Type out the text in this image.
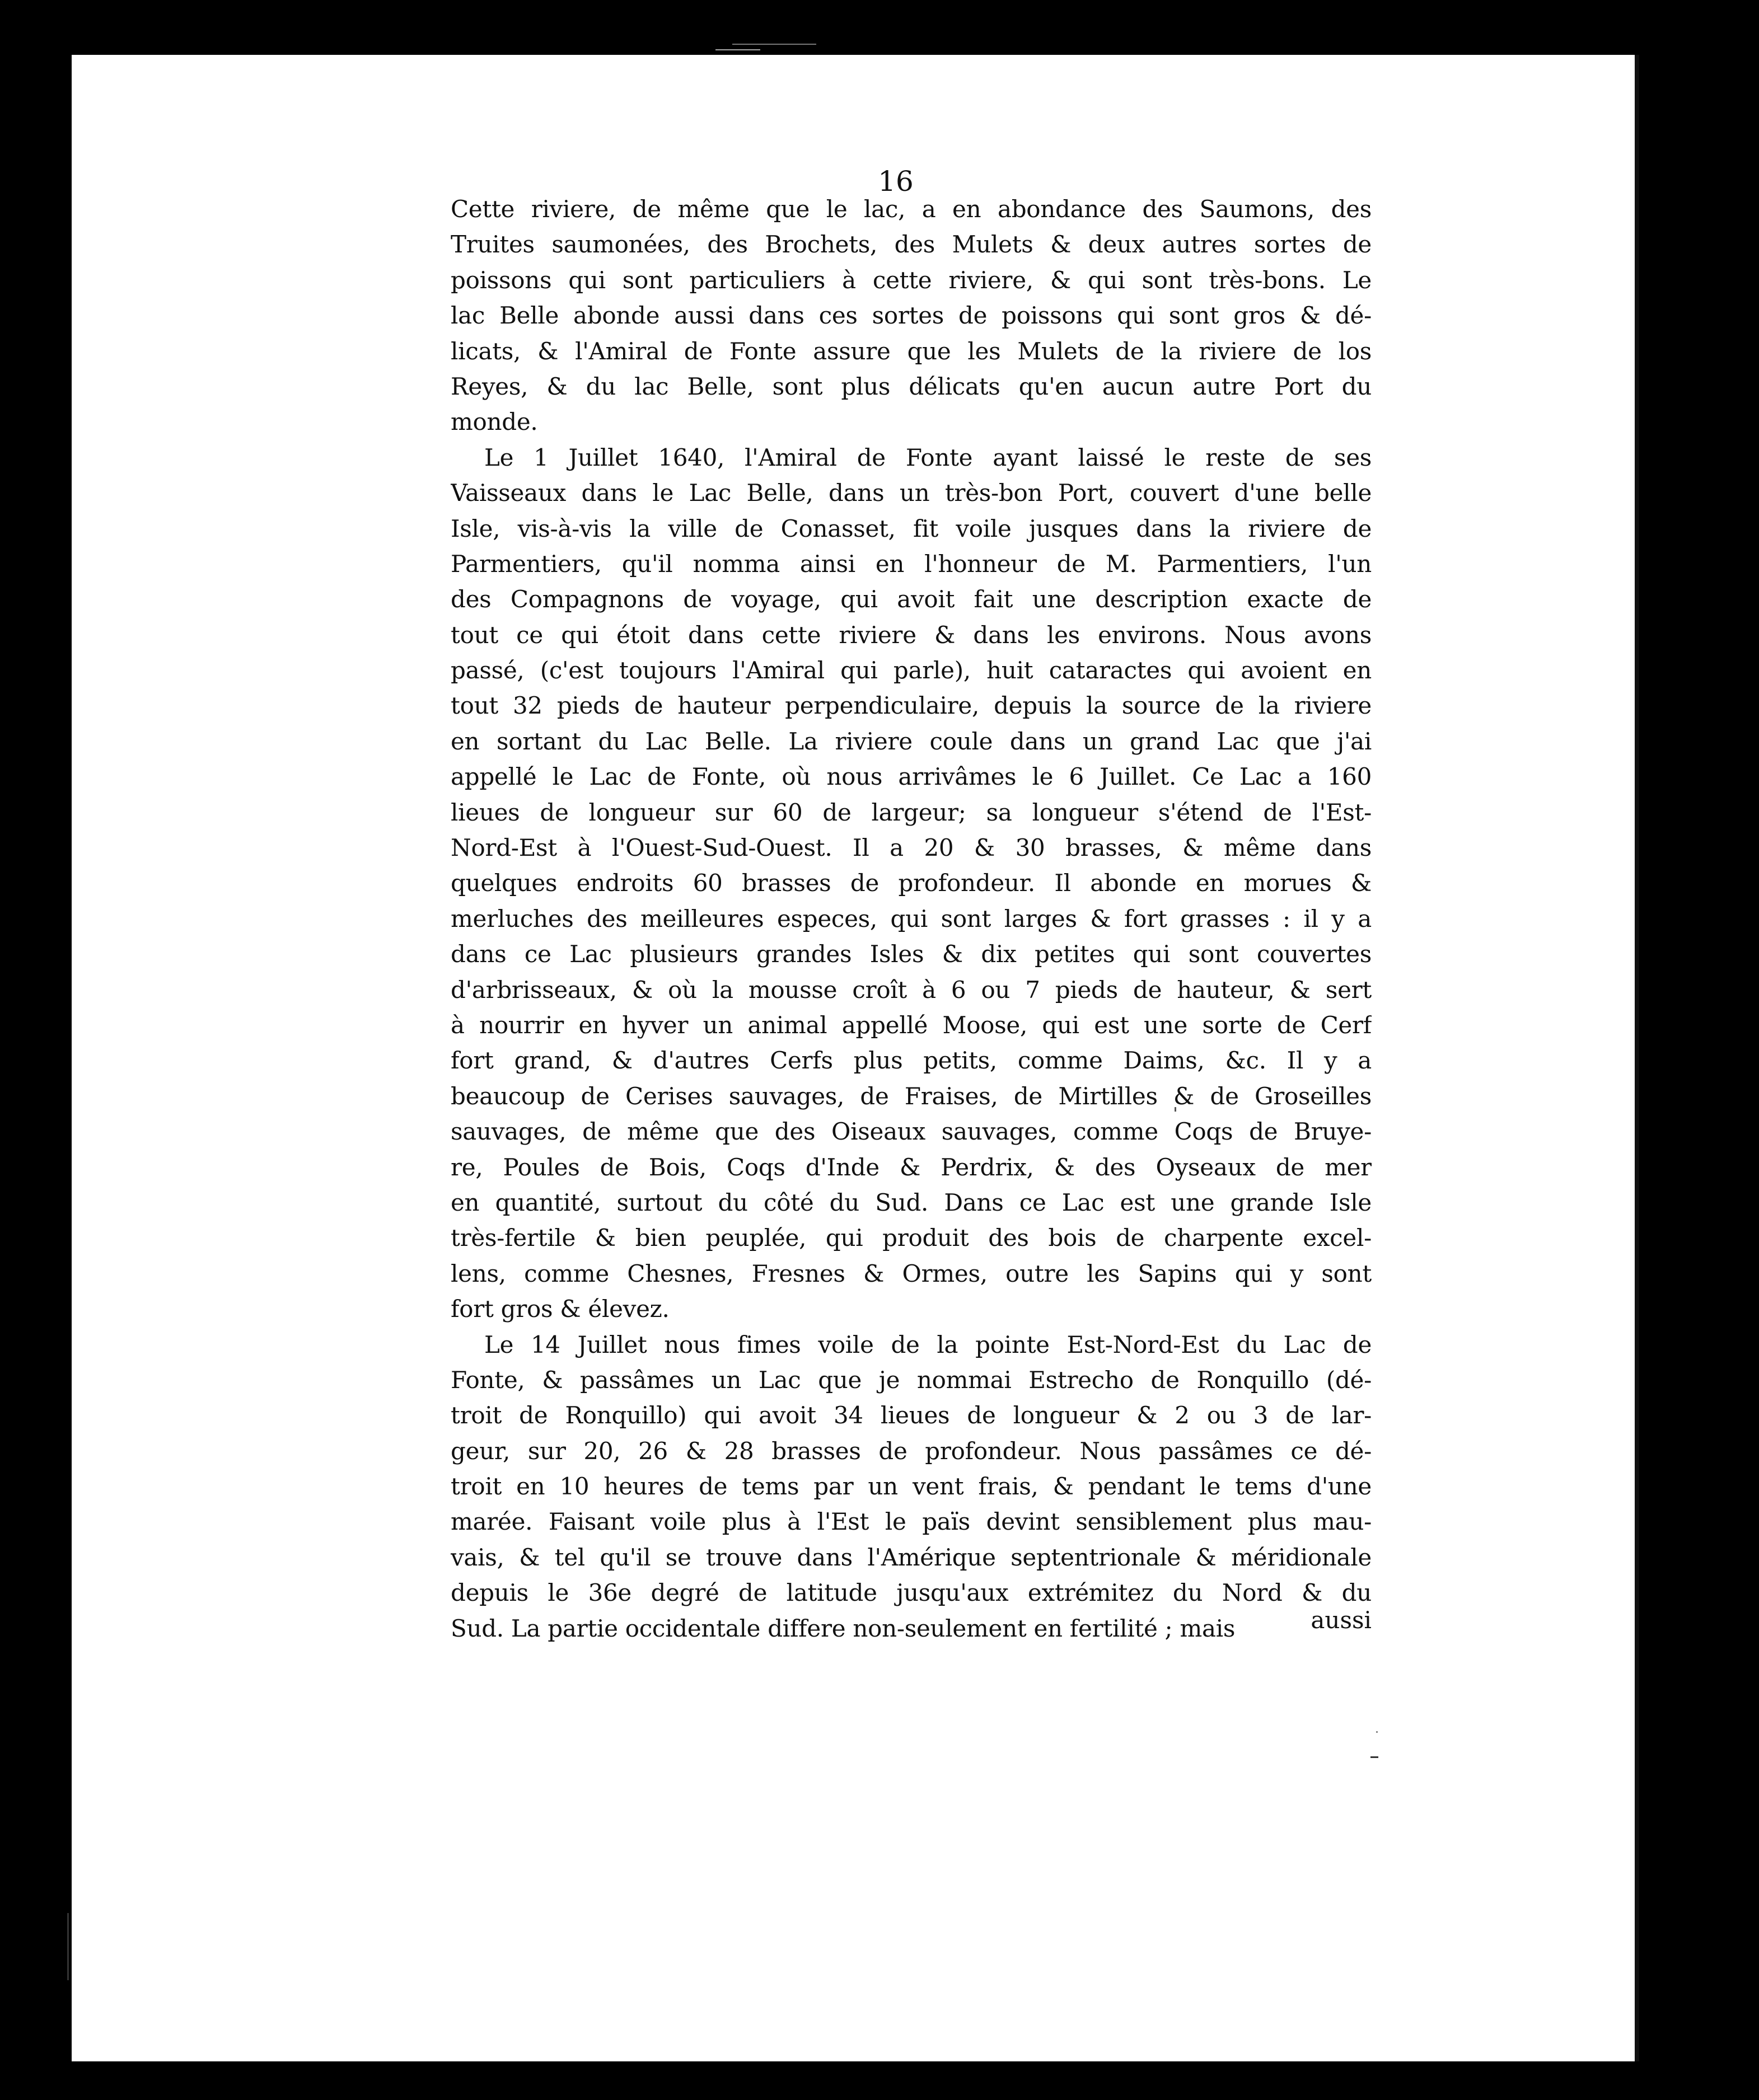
16
Cette riviere, de même que le lac, a en abondance des Saumons, des
Truites saumonées, des Brochets, des Mulets & deux autres sortes de
poissons qui sont particuliers à cette riviere, & qui sont très-bons. Le
lac Belle abonde aussi dans ces sortes de poissons qui sont gros & dé-
licats, & l'Amiral de Fonte assure que les Mulets de la riviere de los
Reyes, & du lac Belle, sont plus délicats qu'en aucun autre Port du
monde.
Le 1 Juillet 1640, l'Amiral de Fonte ayant laissé le reste de ses
Vaisseaux dans le Lac Belle, dans un très-bon Port, couvert d'une belle
Isle, vis-à-vis la ville de Conasset, fit voile jusques dans la riviere de
Parmentiers, qu'il nomma ainsi en l'honneur de M. Parmentiers, l'un
des Compagnons de voyage, qui avoit fait une description exacte de
tout ce qui étoit dans cette riviere & dans les environs. Nous avons
passé, (c'est toujours l'Amiral qui parle), huit cataractes qui avoient en
tout 32 pieds de hauteur perpendiculaire, depuis la source de la riviere
en sortant du Lac Belle. La riviere coule dans un grand Lac que j'ai
appellé le Lac de Fonte, où nous arrivâmes le 6 Juillet. Ce Lac a 160
lieues de longueur sur 60 de largeur; sa longueur s'étend de l'Est-
Nord-Est à l'Ouest-Sud-Ouest. Il a 20 & 30 brasses, & même dans
quelques endroits 60 brasses de profondeur. Il abonde en morues &
merluches des meilleures especes, qui sont larges & fort grasses : il y a
dans ce Lac plusieurs grandes Isles & dix petites qui sont couvertes
d'arbrisseaux, & où la mousse croît à 6 ou 7 pieds de hauteur, & sert
à nourrir en hyver un animal appellé Moose, qui est une sorte de Cerf
fort grand, & d'autres Cerfs plus petits, comme Daims, &c. Il y a
beaucoup de Cerises sauvages, de Fraises, de Mirtilles & de Groseilles
sauvages, de même que des Oiseaux sauvages, comme Coqs de Bruye-
re, Poules de Bois, Coqs d'Inde & Perdrix, & des Oyseaux de mer
en quantité, surtout du côté du Sud. Dans ce Lac est une grande Isle
très-fertile & bien peuplée, qui produit des bois de charpente excel-
lens, comme Chesnes, Fresnes & Ormes, outre les Sapins qui y sont
fort gros & élevez.
Le 14 Juillet nous fimes voile de la pointe Est-Nord-Est du Lac de
Fonte, & passâmes un Lac que je nommai Estrecho de Ronquillo (dé-
troit de Ronquillo) qui avoit 34 lieues de longueur & 2 ou 3 de lar-
geur, sur 20, 26 & 28 brasses de profondeur. Nous passâmes ce dé-
troit en 10 heures de tems par un vent frais, & pendant le tems d'une
marée. Faisant voile plus à l'Est le païs devint sensiblement plus mau-
vais, & tel qu'il se trouve dans l'Amérique septentrionale & méridionale
depuis le 36e degré de latitude jusqu'aux extrémitez du Nord & du
Sud. La partie occidentale differe non-seulement en fertilité ; mais	aussi
